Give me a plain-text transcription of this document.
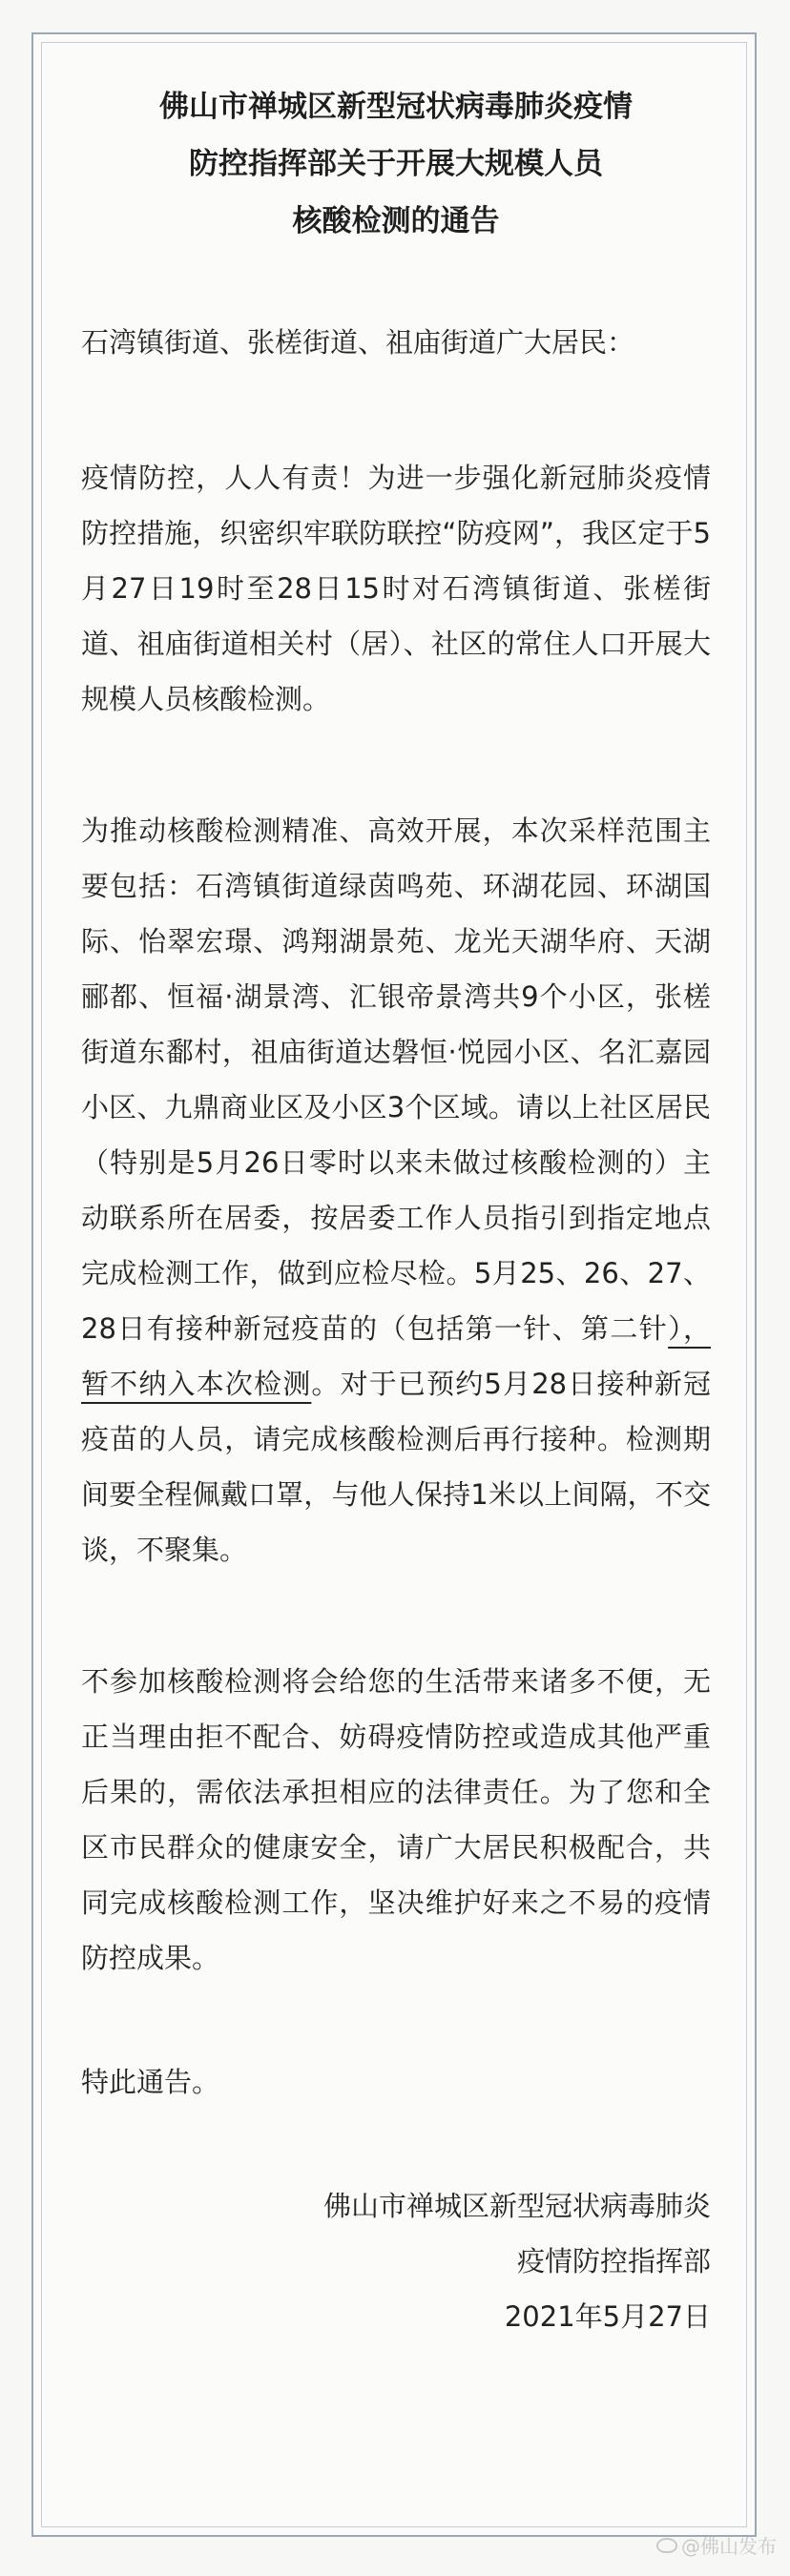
佛山市禅城区新型冠状病毒肺炎疫情
防控指挥部关于开展大规模人员
核酸检测的通告
石湾镇街道、张槎街道、祖庙街道广大居民：
疫情防控，人人有责！为进一步强化新冠肺炎疫情防控措施，织密织牢联防联控“防疫网”，我区定于5月27日19时至28日15时对石湾镇街道、张槎街道、祖庙街道相关村（居）、社区的常住人口开展大规模人员核酸检测。
为推动核酸检测精准、高效开展，本次采样范围主要包括：石湾镇街道绿茵鸣苑、环湖花园、环湖国际、怡翠宏璟、鸿翔湖景苑、龙光天湖华府、天湖郦都、恒福·湖景湾、汇银帝景湾共9个小区，张槎街道东鄱村，祖庙街道达磐恒·悦园小区、名汇嘉园小区、九鼎商业区及小区3个区域。请以上社区居民（特别是5月26日零时以来未做过核酸检测的）主动联系所在居委，按居委工作人员指引到指定地点完成检测工作，做到应检尽检。5月25、26、27、28日有接种新冠疫苗的（包括第一针、第二针），暂不纳入本次检测。对于已预约5月28日接种新冠疫苗的人员，请完成核酸检测后再行接种。检测期间要全程佩戴口罩，与他人保持1米以上间隔，不交谈，不聚集。
不参加核酸检测将会给您的生活带来诸多不便，无正当理由拒不配合、妨碍疫情防控或造成其他严重后果的，需依法承担相应的法律责任。为了您和全区市民群众的健康安全，请广大居民积极配合，共同完成核酸检测工作，坚决维护好来之不易的疫情防控成果。
特此通告。
佛山市禅城区新型冠状病毒肺炎
疫情防控指挥部
2021年5月27日
@佛山发布
